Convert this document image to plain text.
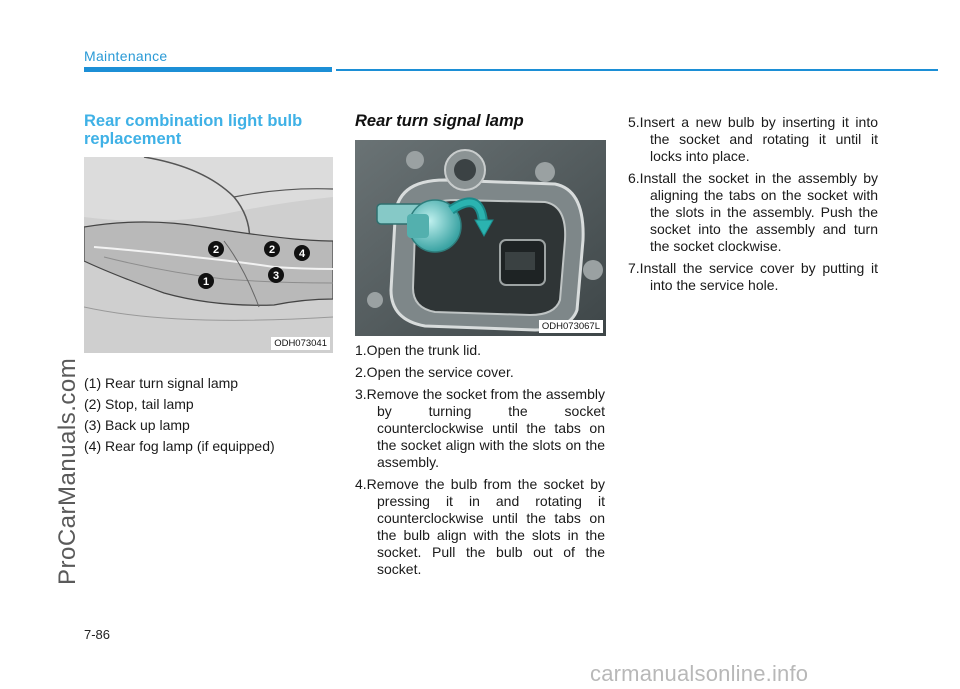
Maintenance
ProCarManuals.com
Rear combination light bulb replacement
2	2 4
1	3
ODH073041
(1) Rear turn signal lamp
(2) Stop, tail lamp
(3) Back up lamp
(4) Rear fog lamp (if equipped)
Rear turn signal lamp
ODH073067L
1.Open the trunk lid.
2.Open the service cover.
3.Remove the socket from the assembly by turning the socket counterclockwise until the tabs on the socket align with the slots on the assembly.
4.Remove the bulb from the socket by pressing it in and rotating it counterclockwise until the tabs on the bulb align with the slots in the socket. Pull the bulb out of the socket.
5.Insert a new bulb by inserting it into the socket and rotating it until it locks into place.
6.Install the socket in the assembly by aligning the tabs on the socket with the slots in the assembly. Push the socket into the assembly and turn the socket clockwise.
7.Install the service cover by putting it into the service hole.
7-86
carmanualsonline.info
